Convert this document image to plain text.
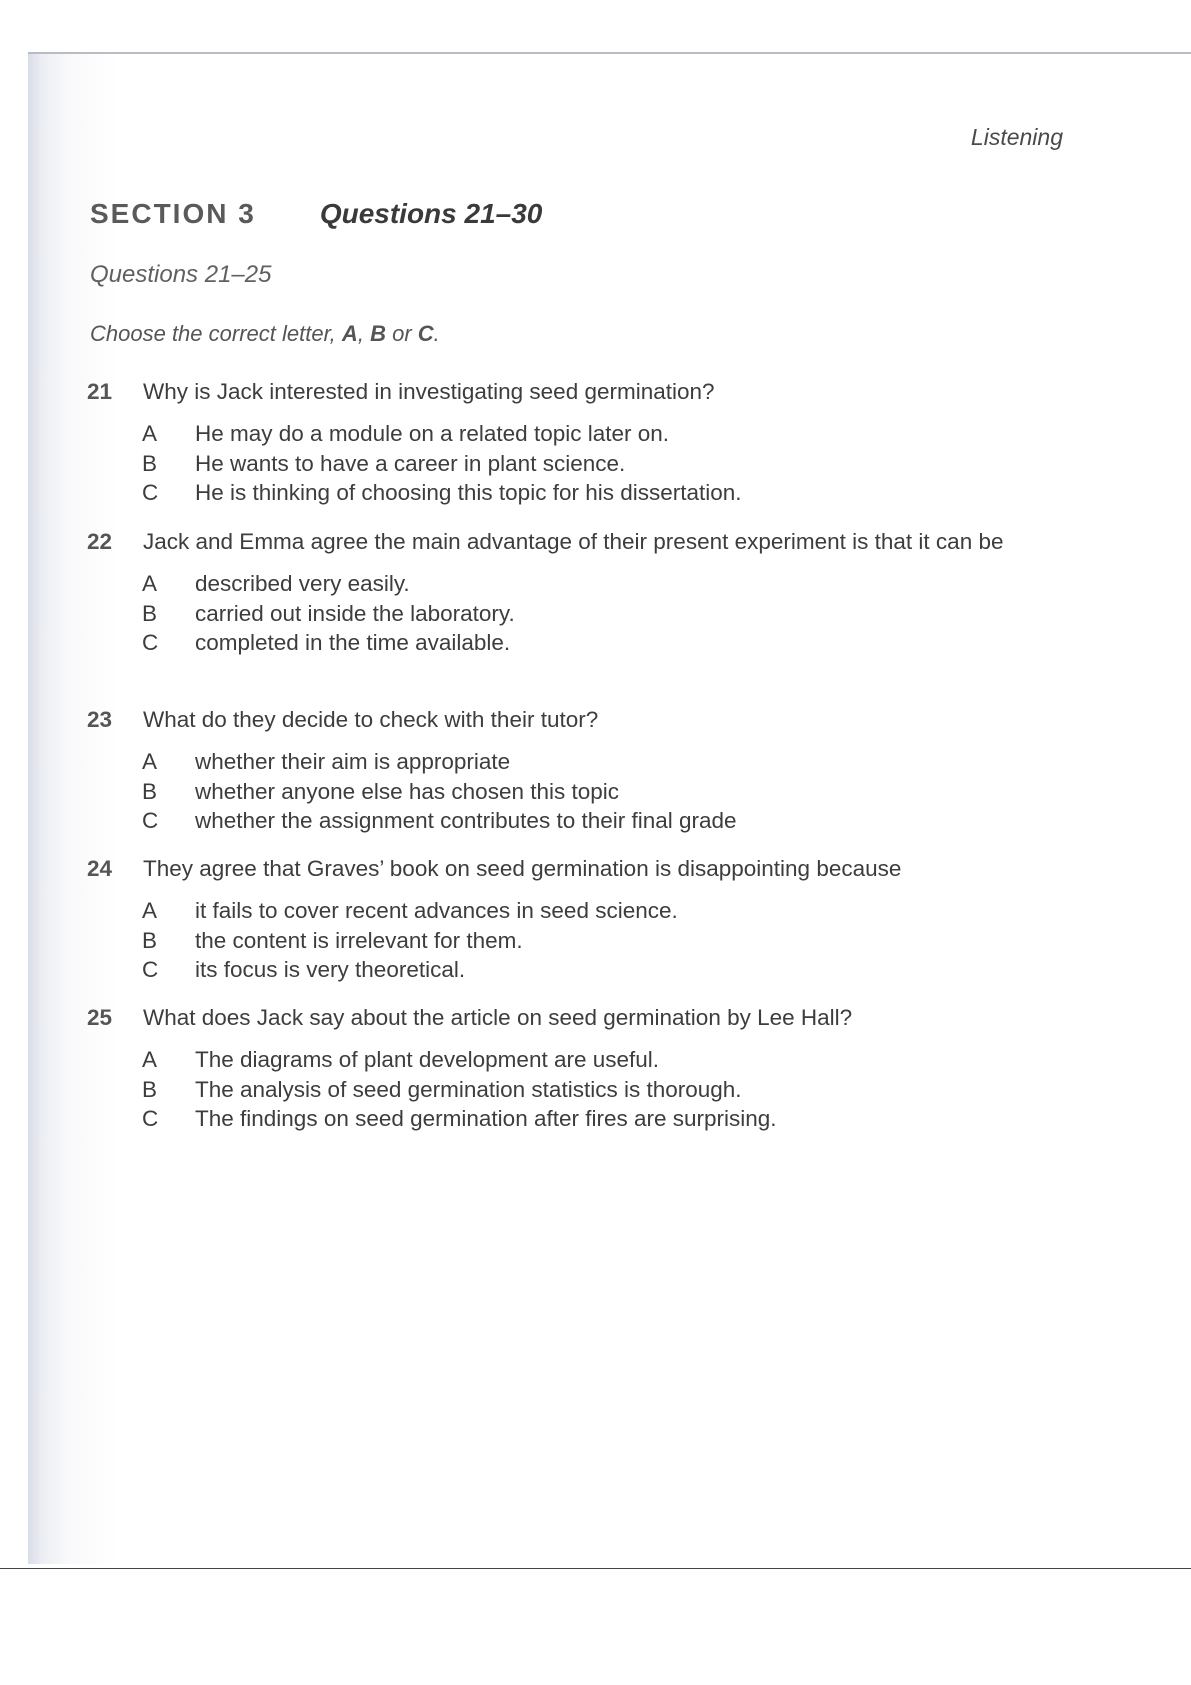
Listening
SECTION 3 Questions 21–30
Questions 21–25
Choose the correct letter, A, B or C.
21	Why is Jack interested in investigating seed germination?
A	He may do a module on a related topic later on.
B	He wants to have a career in plant science.
C	He is thinking of choosing this topic for his dissertation.
22	Jack and Emma agree the main advantage of their present experiment is that it can be
A	described very easily.
B	carried out inside the laboratory.
C	completed in the time available.
23	What do they decide to check with their tutor?
A	whether their aim is appropriate
B	whether anyone else has chosen this topic
C	whether the assignment contributes to their final grade
24	They agree that Graves’ book on seed germination is disappointing because
A	it fails to cover recent advances in seed science.
B	the content is irrelevant for them.
C	its focus is very theoretical.
25	What does Jack say about the article on seed germination by Lee Hall?
A	The diagrams of plant development are useful.
B	The analysis of seed germination statistics is thorough.
C	The findings on seed germination after fires are surprising.
